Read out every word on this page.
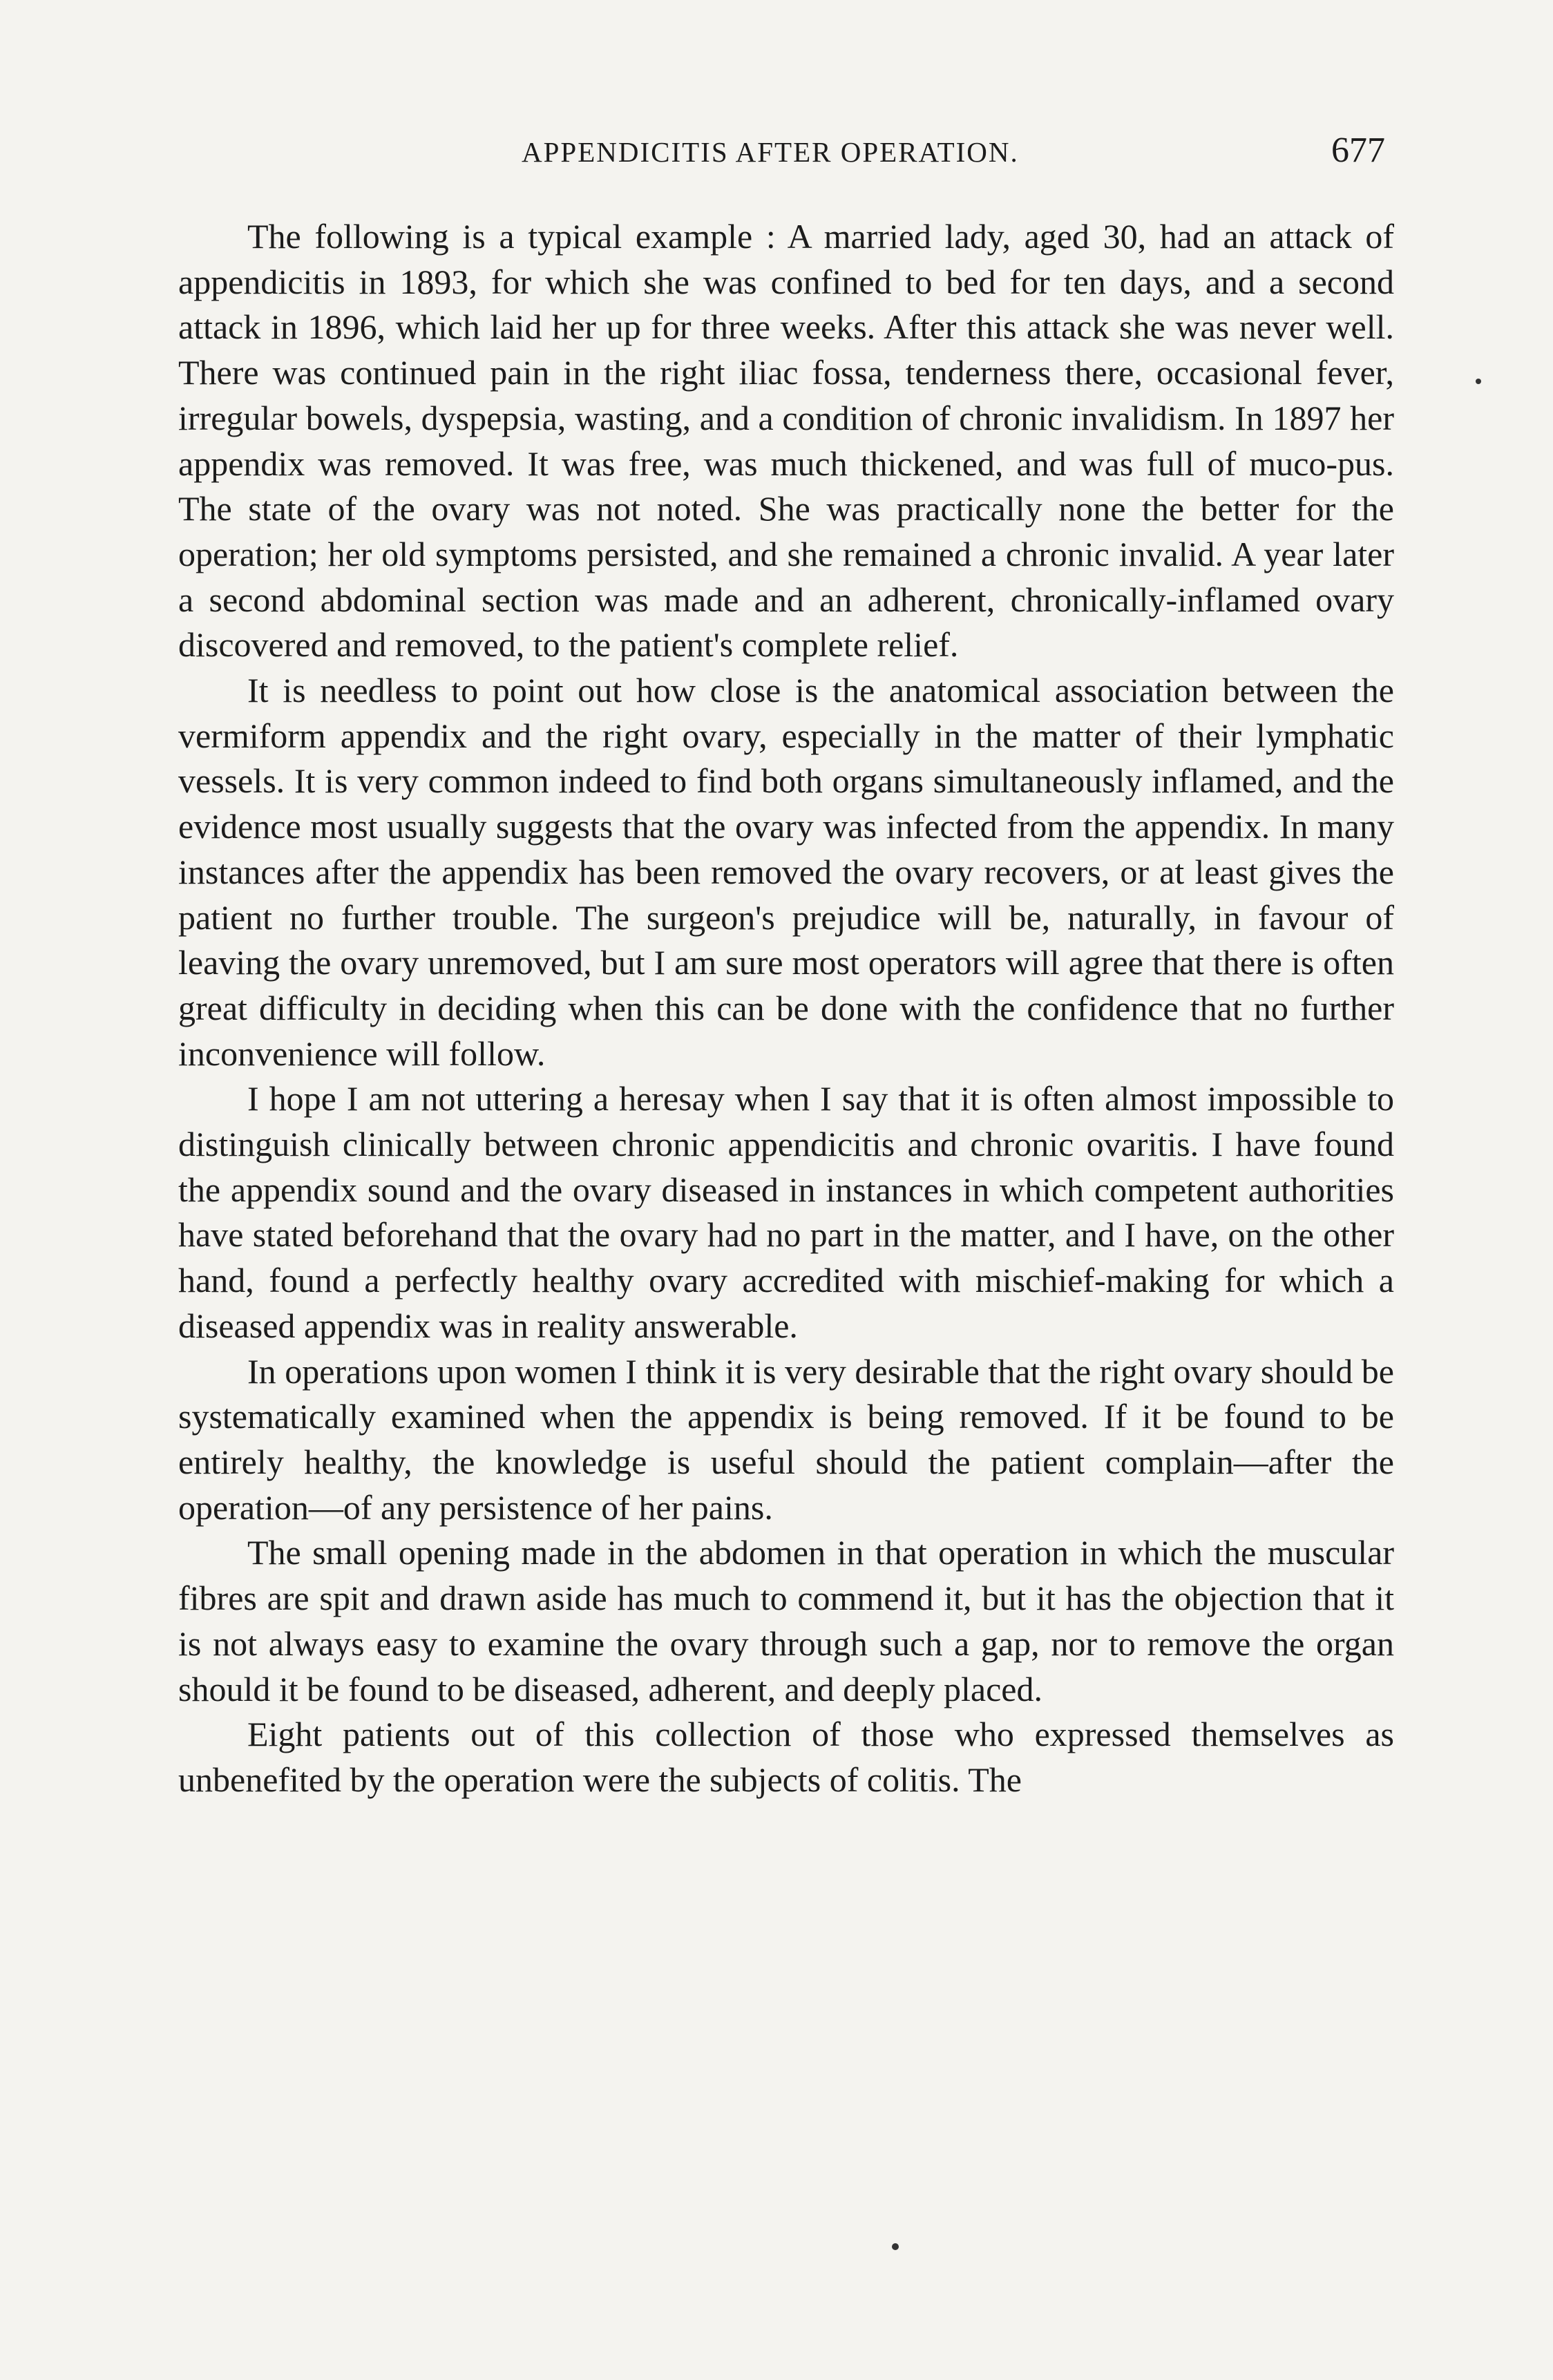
APPENDICITIS AFTER OPERATION.	677

The following is a typical example : A married lady, aged 30, had an attack of appendicitis in 1893, for which she was confined to bed for ten days, and a second attack in 1896, which laid her up for three weeks. After this attack she was never well. There was continued pain in the right iliac fossa, tenderness there, occasional fever, irregular bowels, dyspepsia, wasting, and a condition of chronic invalidism. In 1897 her appendix was removed. It was free, was much thickened, and was full of muco-pus. The state of the ovary was not noted. She was practically none the better for the operation; her old symptoms persisted, and she remained a chronic invalid. A year later a second abdominal section was made and an adherent, chronically-inflamed ovary discovered and removed, to the patient's complete relief.

It is needless to point out how close is the anatomical association between the vermiform appendix and the right ovary, especially in the matter of their lymphatic vessels. It is very common indeed to find both organs simultaneously inflamed, and the evidence most usually suggests that the ovary was infected from the appendix. In many instances after the appendix has been removed the ovary recovers, or at least gives the patient no further trouble. The surgeon's prejudice will be, naturally, in favour of leaving the ovary unremoved, but I am sure most operators will agree that there is often great difficulty in deciding when this can be done with the confidence that no further inconvenience will follow.

I hope I am not uttering a heresay when I say that it is often almost impossible to distinguish clinically between chronic appendicitis and chronic ovaritis. I have found the appendix sound and the ovary diseased in instances in which competent authorities have stated beforehand that the ovary had no part in the matter, and I have, on the other hand, found a perfectly healthy ovary accredited with mischief-making for which a diseased appendix was in reality answerable.

In operations upon women I think it is very desirable that the right ovary should be systematically examined when the appendix is being removed. If it be found to be entirely healthy, the knowledge is useful should the patient complain—after the operation—of any persistence of her pains.

The small opening made in the abdomen in that operation in which the muscular fibres are spit and drawn aside has much to commend it, but it has the objection that it is not always easy to examine the ovary through such a gap, nor to remove the organ should it be found to be diseased, adherent, and deeply placed.

Eight patients out of this collection of those who expressed themselves as unbenefited by the operation were the subjects of colitis. The
